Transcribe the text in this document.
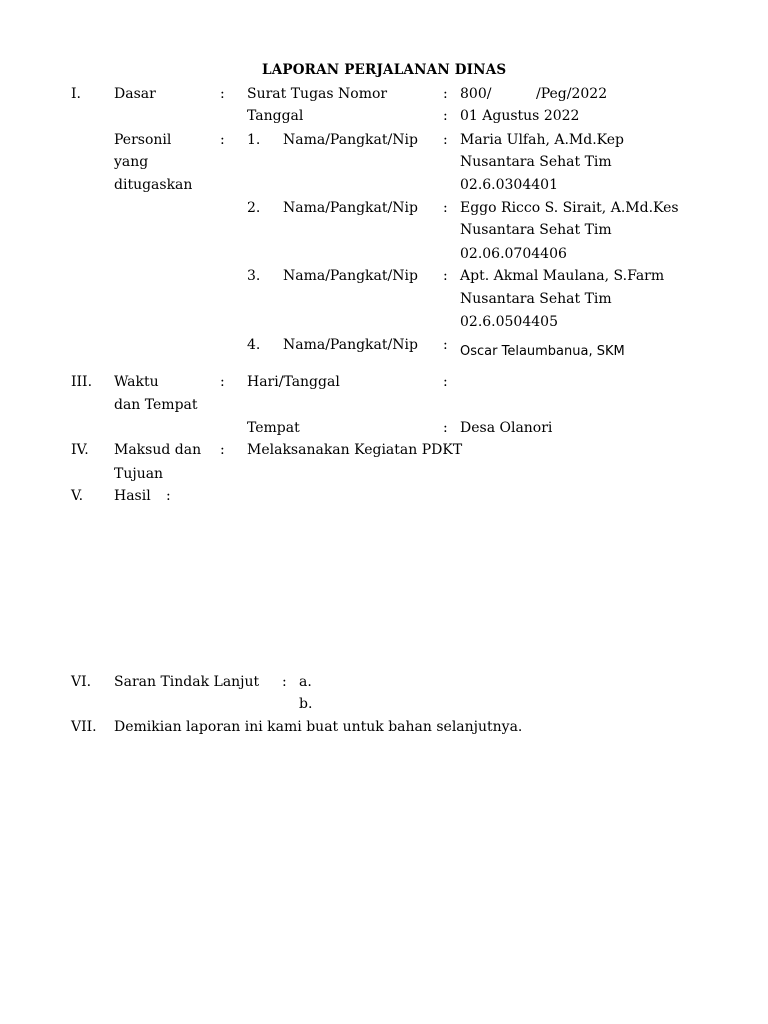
LAPORAN PERJALANAN DINAS
I. Dasar	: Surat Tugas Nomor	: 800/	/Peg/2022
Tanggal	: 01 Agustus 2022
Personil
yang
ditugaskan
: 1. Nama/Pangkat/Nip : Maria Ulfah, A.Md.Kep
Nusantara Sehat Tim
02.6.0304401
2. Nama/Pangkat/Nip : Eggo Ricco S. Sirait, A.Md.Kes
Nusantara Sehat Tim
02.06.0704406
3. Nama/Pangkat/Nip : Apt. Akmal Maulana, S.Farm
Nusantara Sehat Tim
02.6.0504405
4. Nama/Pangkat/Nip : Oscar Telaumbanua, SKM
III. Waktu
dan Tempat
: Hari/Tanggal	:
Tempat	: Desa Olanori
IV. Maksud dan
Tujuan
: Melaksanakan Kegiatan PDKT
V. Hasil :
VI. Saran Tindak Lanjut : a.
b.
VII. Demikian laporan ini kami buat untuk bahan selanjutnya.
